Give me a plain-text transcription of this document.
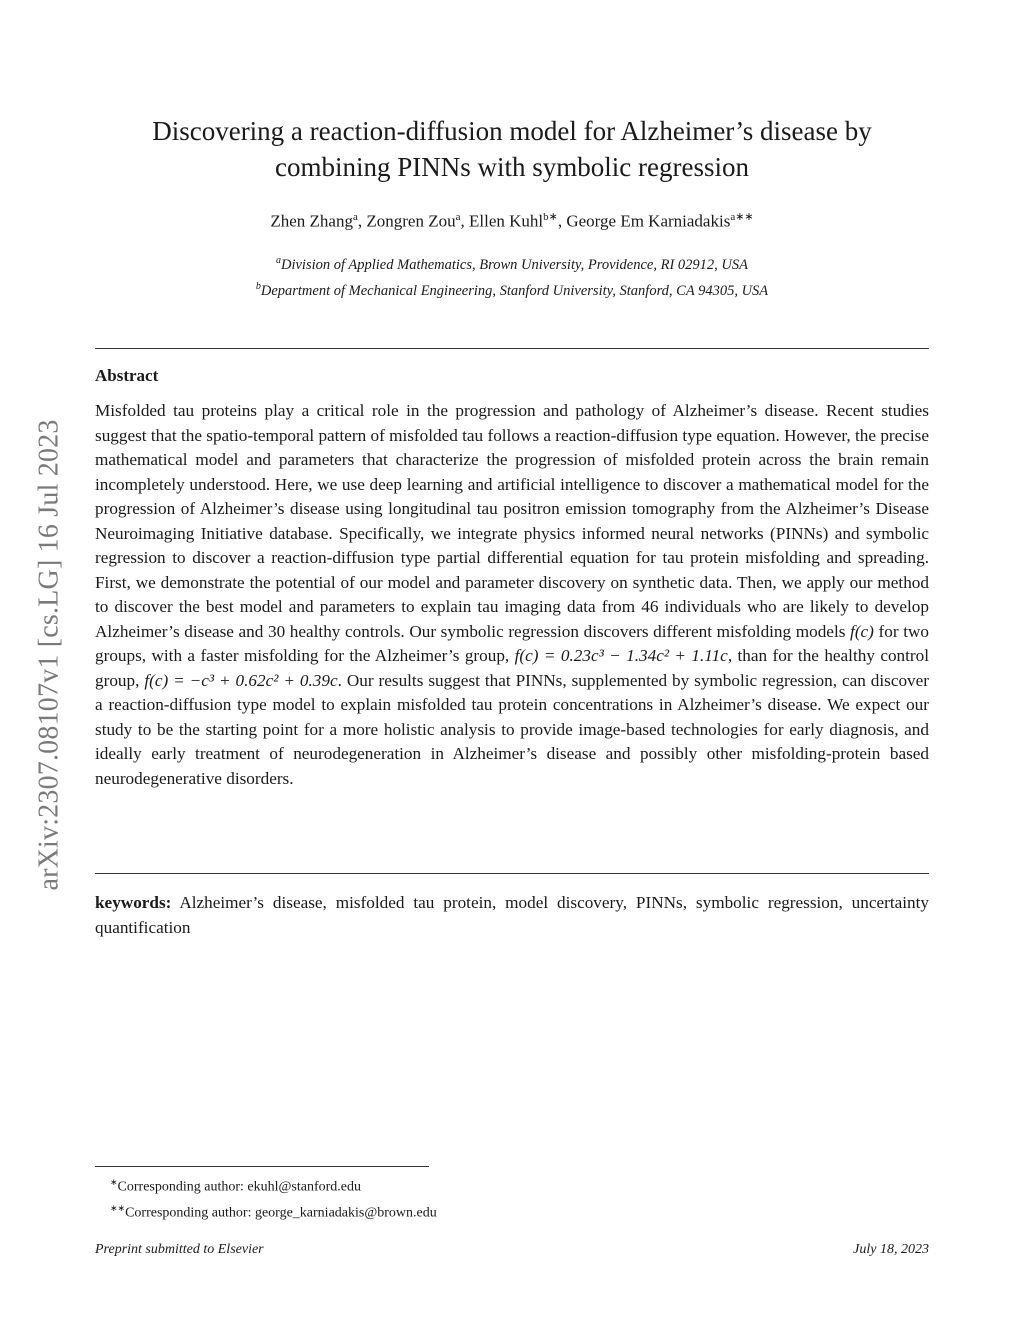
arXiv:2307.08107v1 [cs.LG] 16 Jul 2023
Discovering a reaction-diffusion model for Alzheimer’s disease by
combining PINNs with symbolic regression
Zhen Zhang$^a$, Zongren Zou$^a$, Ellen Kuhl$^{b∗}$, George Em Karniadakis$^{a∗∗}$
$^a$Division of Applied Mathematics, Brown University, Providence, RI 02912, USA
$^b$Department of Mechanical Engineering, Stanford University, Stanford, CA 94305, USA
Abstract
Misfolded tau proteins play a critical role in the progression and pathology of Alzheimer’s disease. Recent studies suggest that the spatio-temporal pattern of misfolded tau follows a reaction-diffusion type equation. However, the precise mathematical model and parameters that characterize the progression of misfolded protein across the brain remain incompletely understood. Here, we use deep learning and artificial intelligence to discover a mathematical model for the progression of Alzheimer’s disease using longitudinal tau positron emission tomography from the Alzheimer’s Disease Neuroimaging Initiative database. Specifically, we integrate physics informed neural networks (PINNs) and symbolic regression to discover a reaction-diffusion type partial differential equation for tau protein misfolding and spreading. First, we demonstrate the potential of our model and parameter discovery on synthetic data. Then, we apply our method to discover the best model and parameters to explain tau imaging data from 46 individuals who are likely to develop Alzheimer’s disease and 30 healthy controls. Our symbolic regression discovers different misfolding models f(c) for two groups, with a faster misfolding for the Alzheimer’s group, f(c) = 0.23c³ − 1.34c² + 1.11c, than for the healthy control group, f(c) = −c³ + 0.62c² + 0.39c. Our results suggest that PINNs, supplemented by symbolic regression, can discover a reaction-diffusion type model to explain misfolded tau protein concentrations in Alzheimer’s disease. We expect our study to be the starting point for a more holistic analysis to provide image-based technologies for early diagnosis, and ideally early treatment of neurodegeneration in Alzheimer’s disease and possibly other misfolding-protein based neurodegenerative disorders.
keywords: Alzheimer’s disease, misfolded tau protein, model discovery, PINNs, symbolic regression, uncertainty quantification
∗Corresponding author: ekuhl@stanford.edu
∗∗Corresponding author: george_karniadakis@brown.edu
Preprint submitted to Elsevier	July 18, 2023
